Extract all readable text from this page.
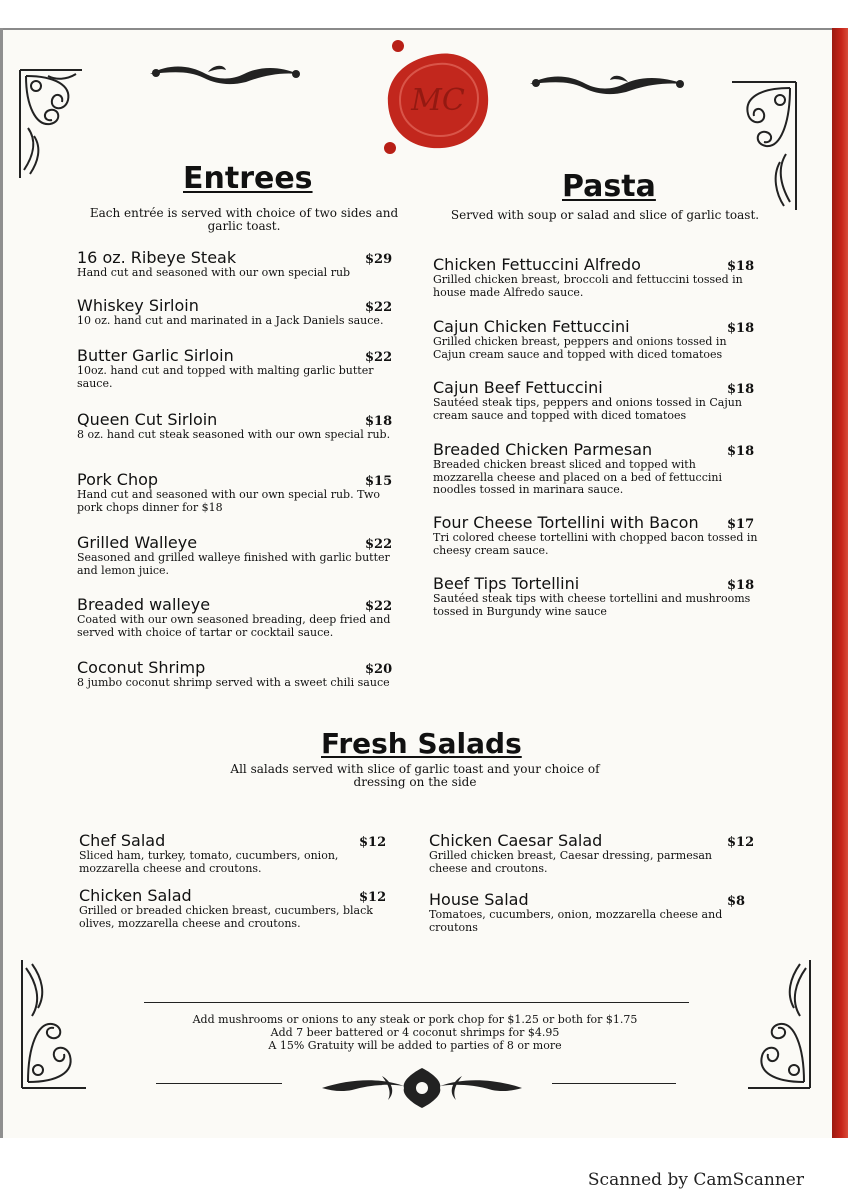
MC
Entrees

Each entrée is served with choice of two sides and garlic toast.

16 oz. Ribeye Steak	$29
Hand cut and seasoned with our own special rub
Whiskey Sirloin	$22
10 oz. hand cut and marinated in a Jack Daniels sauce.
Butter Garlic Sirloin	$22
10oz. hand cut and topped with malting garlic butter sauce.
Queen Cut Sirloin	$18
8 oz. hand cut steak seasoned with our own special rub.
Pork Chop	$15
Hand cut and seasoned with our own special rub. Two pork chops dinner for $18
Grilled Walleye	$22
Seasoned and grilled walleye finished with garlic butter and lemon juice.
Breaded walleye	$22
Coated with our own seasoned breading, deep fried and served with choice of tartar or cocktail sauce.
Coconut Shrimp	$20
8 jumbo coconut shrimp served with a sweet chili sauce
Pasta

Served with soup or salad and slice of garlic toast.

Chicken Fettuccini Alfredo	$18
Grilled chicken breast, broccoli and fettuccini tossed in house made Alfredo sauce.
Cajun Chicken Fettuccini	$18
Grilled chicken breast, peppers and onions tossed in Cajun cream sauce and topped with diced tomatoes
Cajun Beef Fettuccini	$18
Sautéed steak tips, peppers and onions tossed in Cajun cream sauce and topped with diced tomatoes
Breaded Chicken Parmesan	$18
Breaded chicken breast sliced and topped with mozzarella cheese and placed on a bed of fettuccini noodles tossed in marinara sauce.
Four Cheese Tortellini with Bacon	$17
Tri colored cheese tortellini with chopped bacon tossed in cheesy cream sauce.
Beef Tips Tortellini	$18
Sautéed steak tips with cheese tortellini and mushrooms tossed in Burgundy wine sauce
Fresh Salads

All salads served with slice of garlic toast and your choice of dressing on the side

Chef Salad	$12
Sliced ham, turkey, tomato, cucumbers, onion, mozzarella cheese and croutons.
Chicken Salad	$12
Grilled or breaded chicken breast, cucumbers, black olives, mozzarella cheese and croutons.
Chicken Caesar Salad	$12
Grilled chicken breast, Caesar dressing, parmesan cheese and croutons.
House Salad	$8
Tomatoes, cucumbers, onion, mozzarella cheese and croutons
Add mushrooms or onions to any steak or pork chop for $1.25 or both for $1.75
Add 7 beer battered or 4 coconut shrimps for $4.95
A 15% Gratuity will be added to parties of 8 or more
Scanned by CamScanner
